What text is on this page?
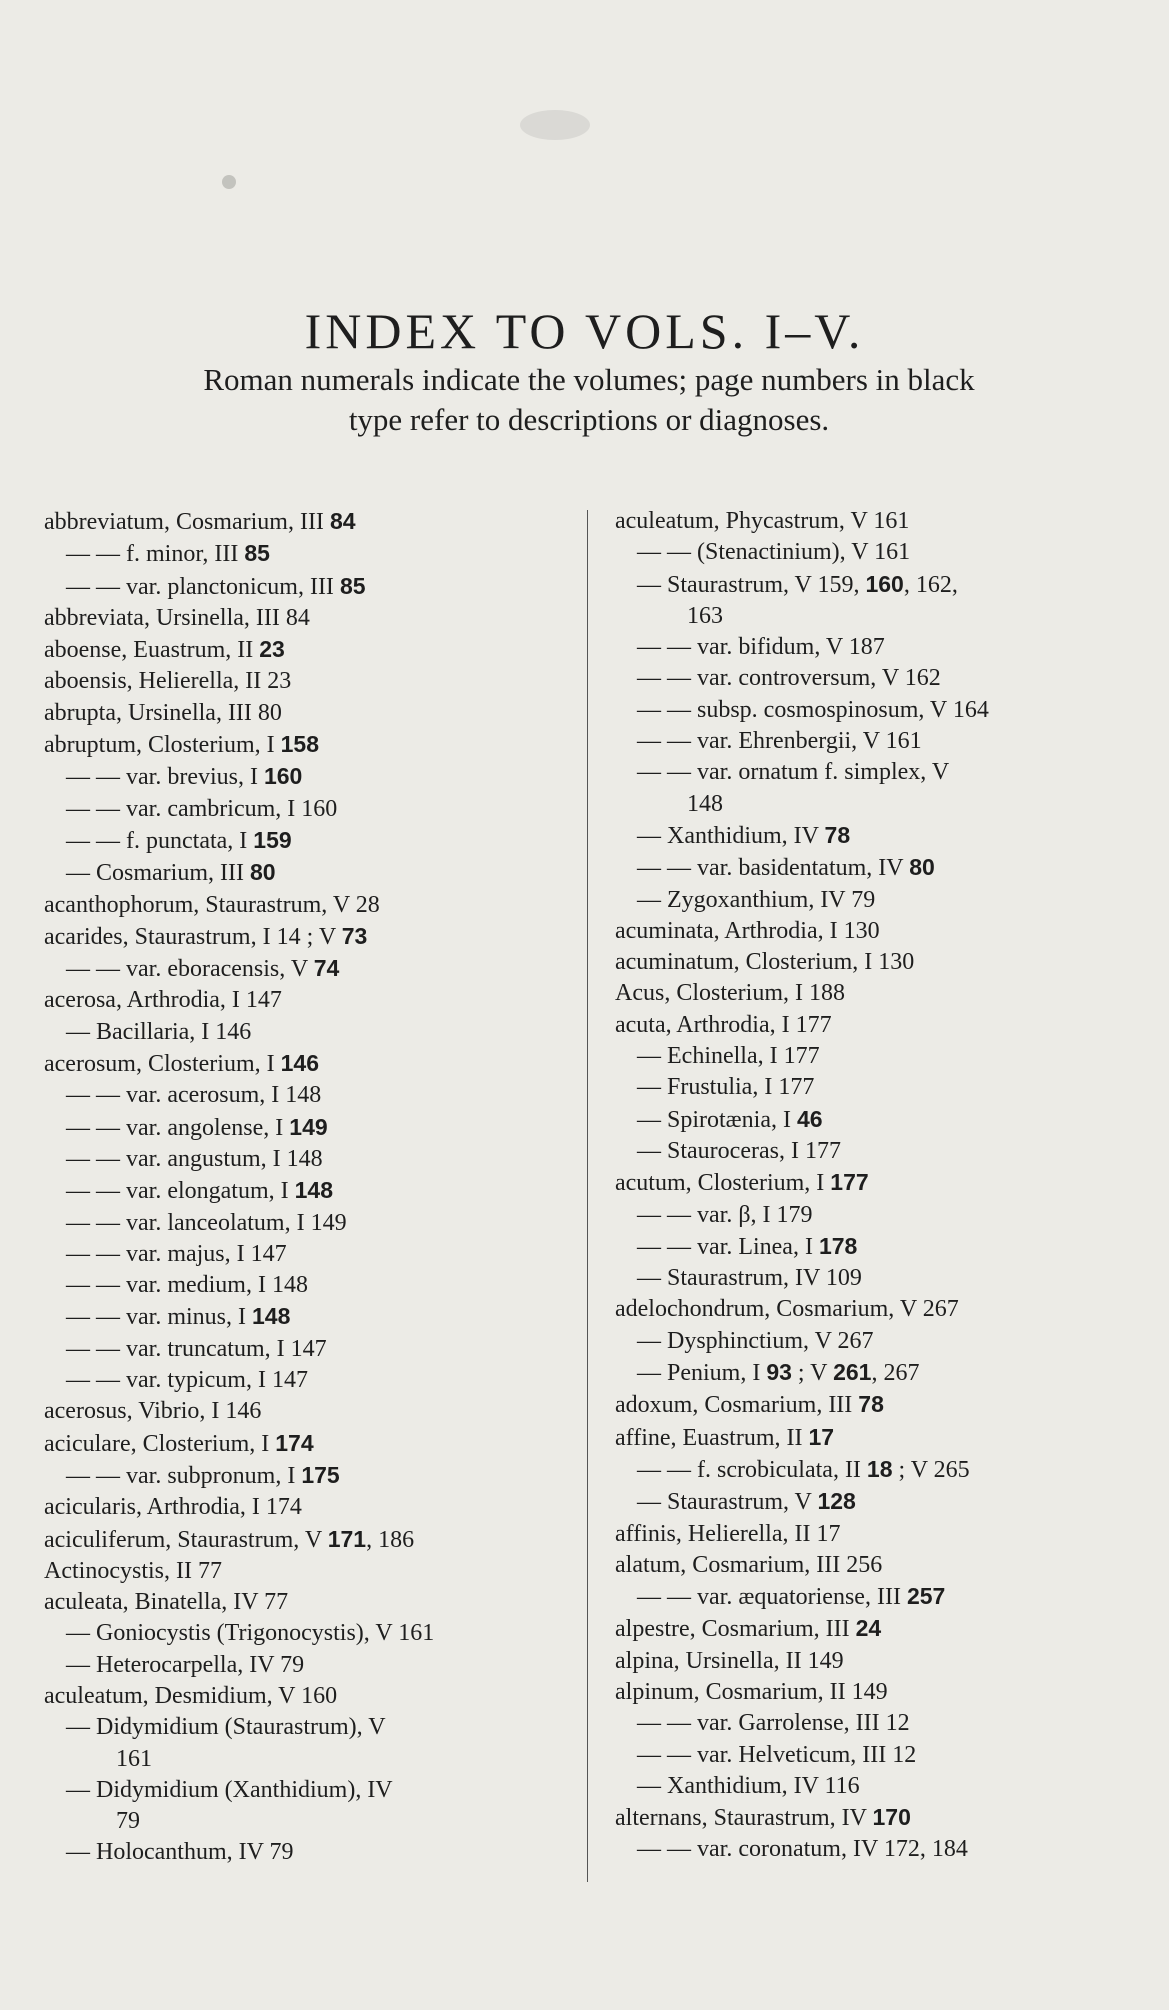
INDEX TO VOLS. I–V.
Roman numerals indicate the volumes; page numbers in black
type refer to descriptions or diagnoses.
abbreviatum, Cosmarium, III 84
— — f. minor, III 85
— — var. planctonicum, III 85
abbreviata, Ursinella, III 84
aboense, Euastrum, II 23
aboensis, Helierella, II 23
abrupta, Ursinella, III 80
abruptum, Closterium, I 158
— — var. brevius, I 160
— — var. cambricum, I 160
— — f. punctata, I 159
— Cosmarium, III 80
acanthophorum, Staurastrum, V 28
acarides, Staurastrum, I 14 ; V 73
— — var. eboracensis, V 74
acerosa, Arthrodia, I 147
— Bacillaria, I 146
acerosum, Closterium, I 146
— — var. acerosum, I 148
— — var. angolense, I 149
— — var. angustum, I 148
— — var. elongatum, I 148
— — var. lanceolatum, I 149
— — var. majus, I 147
— — var. medium, I 148
— — var. minus, I 148
— — var. truncatum, I 147
— — var. typicum, I 147
acerosus, Vibrio, I 146
aciculare, Closterium, I 174
— — var. subpronum, I 175
acicularis, Arthrodia, I 174
aciculiferum, Staurastrum, V 171, 186
Actinocystis, II 77
aculeata, Binatella, IV 77
— Goniocystis (Trigonocystis), V 161
— Heterocarpella, IV 79
aculeatum, Desmidium, V 160
— Didymidium (Staurastrum), V
161
— Didymidium (Xanthidium), IV
79
— Holocanthum, IV 79
aculeatum, Phycastrum, V 161
— — (Stenactinium), V 161
— Staurastrum, V 159, 160, 162,
163
— — var. bifidum, V 187
— — var. controversum, V 162
— — subsp. cosmospinosum, V 164
— — var. Ehrenbergii, V 161
— — var. ornatum f. simplex, V
148
— Xanthidium, IV 78
— — var. basidentatum, IV 80
— Zygoxanthium, IV 79
acuminata, Arthrodia, I 130
acuminatum, Closterium, I 130
Acus, Closterium, I 188
acuta, Arthrodia, I 177
— Echinella, I 177
— Frustulia, I 177
— Spirotænia, I 46
— Stauroceras, I 177
acutum, Closterium, I 177
— — var. β, I 179
— — var. Linea, I 178
— Staurastrum, IV 109
adelochondrum, Cosmarium, V 267
— Dysphinctium, V 267
— Penium, I 93 ; V 261, 267
adoxum, Cosmarium, III 78
affine, Euastrum, II 17
— — f. scrobiculata, II 18 ; V 265
— Staurastrum, V 128
affinis, Helierella, II 17
alatum, Cosmarium, III 256
— — var. æquatoriense, III 257
alpestre, Cosmarium, III 24
alpina, Ursinella, II 149
alpinum, Cosmarium, II 149
— — var. Garrolense, III 12
— — var. Helveticum, III 12
— Xanthidium, IV 116
alternans, Staurastrum, IV 170
— — var. coronatum, IV 172, 184
